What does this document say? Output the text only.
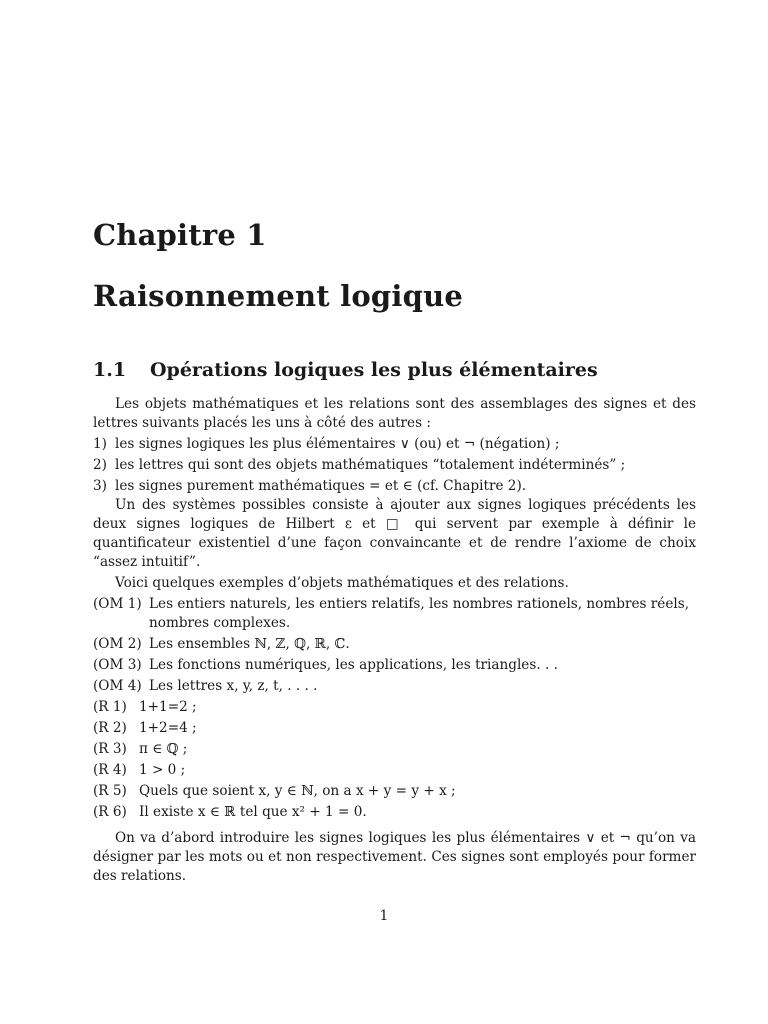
Chapitre 1
Raisonnement logique
1.1 Opérations logiques les plus élémentaires

Les objets mathématiques et les relations sont des assemblages des signes et des lettres suivants placés les uns à côté des autres :

1) les signes logiques les plus élémentaires ∨ (ou) et ¬ (négation) ;
2) les lettres qui sont des objets mathématiques “totalement indéterminés” ;
3) les signes purement mathématiques = et ∈ (cf. Chapitre 2).

Un des systèmes possibles consiste à ajouter aux signes logiques précédents les deux signes logiques de Hilbert ε et □ qui servent par exemple à définir le quantificateur existentiel d’une façon convaincante et de rendre l’axiome de choix “assez intuitif”.

Voici quelques exemples d’objets mathématiques et des relations.

(OM 1) Les entiers naturels, les entiers relatifs, les nombres rationels, nombres réels, nombres complexes.
(OM 2) Les ensembles ℕ, ℤ, ℚ, ℝ, ℂ.
(OM 3) Les fonctions numériques, les applications, les triangles. . .
(OM 4) Les lettres x, y, z, t, . . . .
(R 1) 1+1=2 ;
(R 2) 1+2=4 ;
(R 3) π ∈ ℚ ;
(R 4) 1 > 0 ;
(R 5) Quels que soient x, y ∈ ℕ, on a x + y = y + x ;
(R 6) Il existe x ∈ ℝ tel que x² + 1 = 0.

On va d’abord introduire les signes logiques les plus élémentaires ∨ et ¬ qu’on va désigner par les mots ou et non respectivement. Ces signes sont employés pour former des relations.

1
